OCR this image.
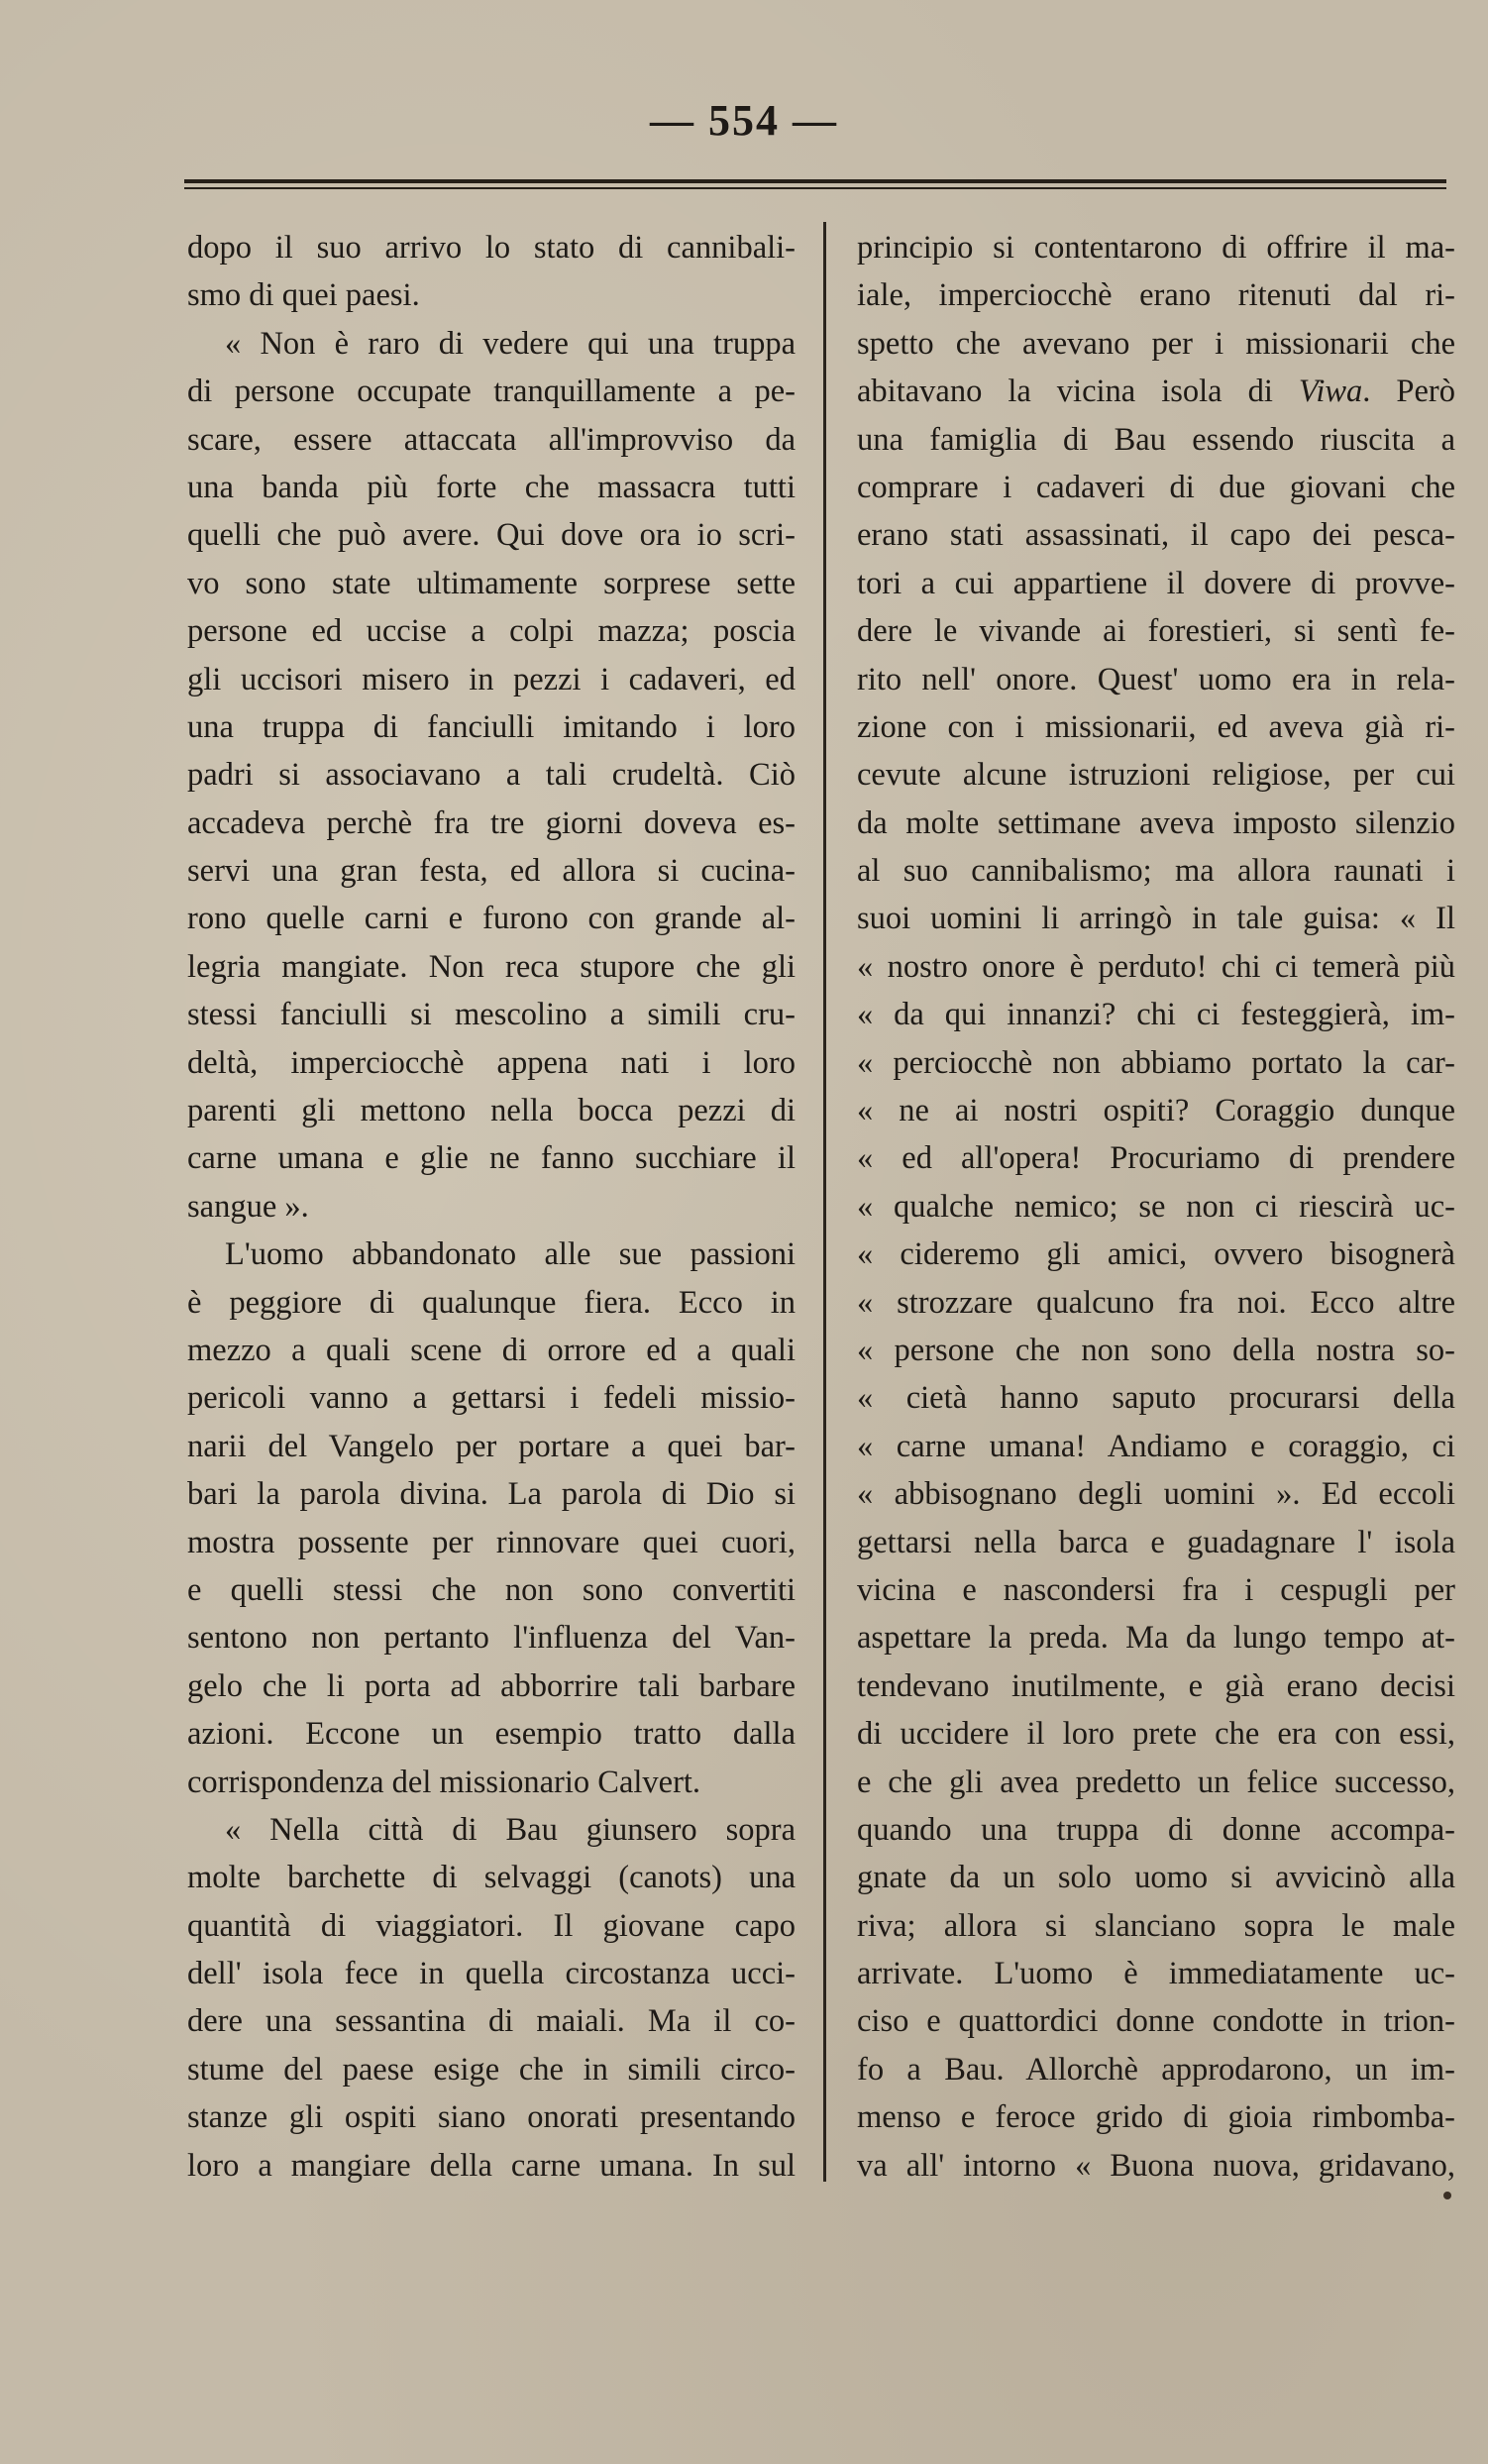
— 554 —
dopo il suo arrivo lo stato di cannibali-
smo di quei paesi.
« Non è raro di vedere qui una truppa
di persone occupate tranquillamente a pe-
scare, essere attaccata all'improvviso da
una banda più forte che massacra tutti
quelli che può avere. Qui dove ora io scri-
vo sono state ultimamente sorprese sette
persone ed uccise a colpi mazza; poscia
gli uccisori misero in pezzi i cadaveri, ed
una truppa di fanciulli imitando i loro
padri si associavano a tali crudeltà. Ciò
accadeva perchè fra tre giorni doveva es-
servi una gran festa, ed allora si cucina-
rono quelle carni e furono con grande al-
legria mangiate. Non reca stupore che gli
stessi fanciulli si mescolino a simili cru-
deltà, imperciocchè appena nati i loro
parenti gli mettono nella bocca pezzi di
carne umana e glie ne fanno succhiare il
sangue ».
L'uomo abbandonato alle sue passioni
è peggiore di qualunque fiera. Ecco in
mezzo a quali scene di orrore ed a quali
pericoli vanno a gettarsi i fedeli missio-
narii del Vangelo per portare a quei bar-
bari la parola divina. La parola di Dio si
mostra possente per rinnovare quei cuori,
e quelli stessi che non sono convertiti
sentono non pertanto l'influenza del Van-
gelo che li porta ad abborrire tali barbare
azioni. Eccone un esempio tratto dalla
corrispondenza del missionario Calvert.
« Nella città di Bau giunsero sopra
molte barchette di selvaggi (canots) una
quantità di viaggiatori. Il giovane capo
dell' isola fece in quella circostanza ucci-
dere una sessantina di maiali. Ma il co-
stume del paese esige che in simili circo-
stanze gli ospiti siano onorati presentando
loro a mangiare della carne umana. In sul
principio si contentarono di offrire il ma-
iale, imperciocchè erano ritenuti dal ri-
spetto che avevano per i missionarii che
abitavano la vicina isola di Viwa. Però
una famiglia di Bau essendo riuscita a
comprare i cadaveri di due giovani che
erano stati assassinati, il capo dei pesca-
tori a cui appartiene il dovere di provve-
dere le vivande ai forestieri, si sentì fe-
rito nell' onore. Quest' uomo era in rela-
zione con i missionarii, ed aveva già ri-
cevute alcune istruzioni religiose, per cui
da molte settimane aveva imposto silenzio
al suo cannibalismo; ma allora raunati i
suoi uomini li arringò in tale guisa: « Il
« nostro onore è perduto! chi ci temerà più
« da qui innanzi? chi ci festeggierà, im-
« perciocchè non abbiamo portato la car-
« ne ai nostri ospiti? Coraggio dunque
« ed all'opera! Procuriamo di prendere
« qualche nemico; se non ci riescirà uc-
« cideremo gli amici, ovvero bisognerà
« strozzare qualcuno fra noi. Ecco altre
« persone che non sono della nostra so-
« cietà hanno saputo procurarsi della
« carne umana! Andiamo e coraggio, ci
« abbisognano degli uomini ». Ed eccoli
gettarsi nella barca e guadagnare l' isola
vicina e nascondersi fra i cespugli per
aspettare la preda. Ma da lungo tempo at-
tendevano inutilmente, e già erano decisi
di uccidere il loro prete che era con essi,
e che gli avea predetto un felice successo,
quando una truppa di donne accompa-
gnate da un solo uomo si avvicinò alla
riva; allora si slanciano sopra le male
arrivate. L'uomo è immediatamente uc-
ciso e quattordici donne condotte in trion-
fo a Bau. Allorchè approdarono, un im-
menso e feroce grido di gioia rimbomba-
va all' intorno « Buona nuova, gridavano,
